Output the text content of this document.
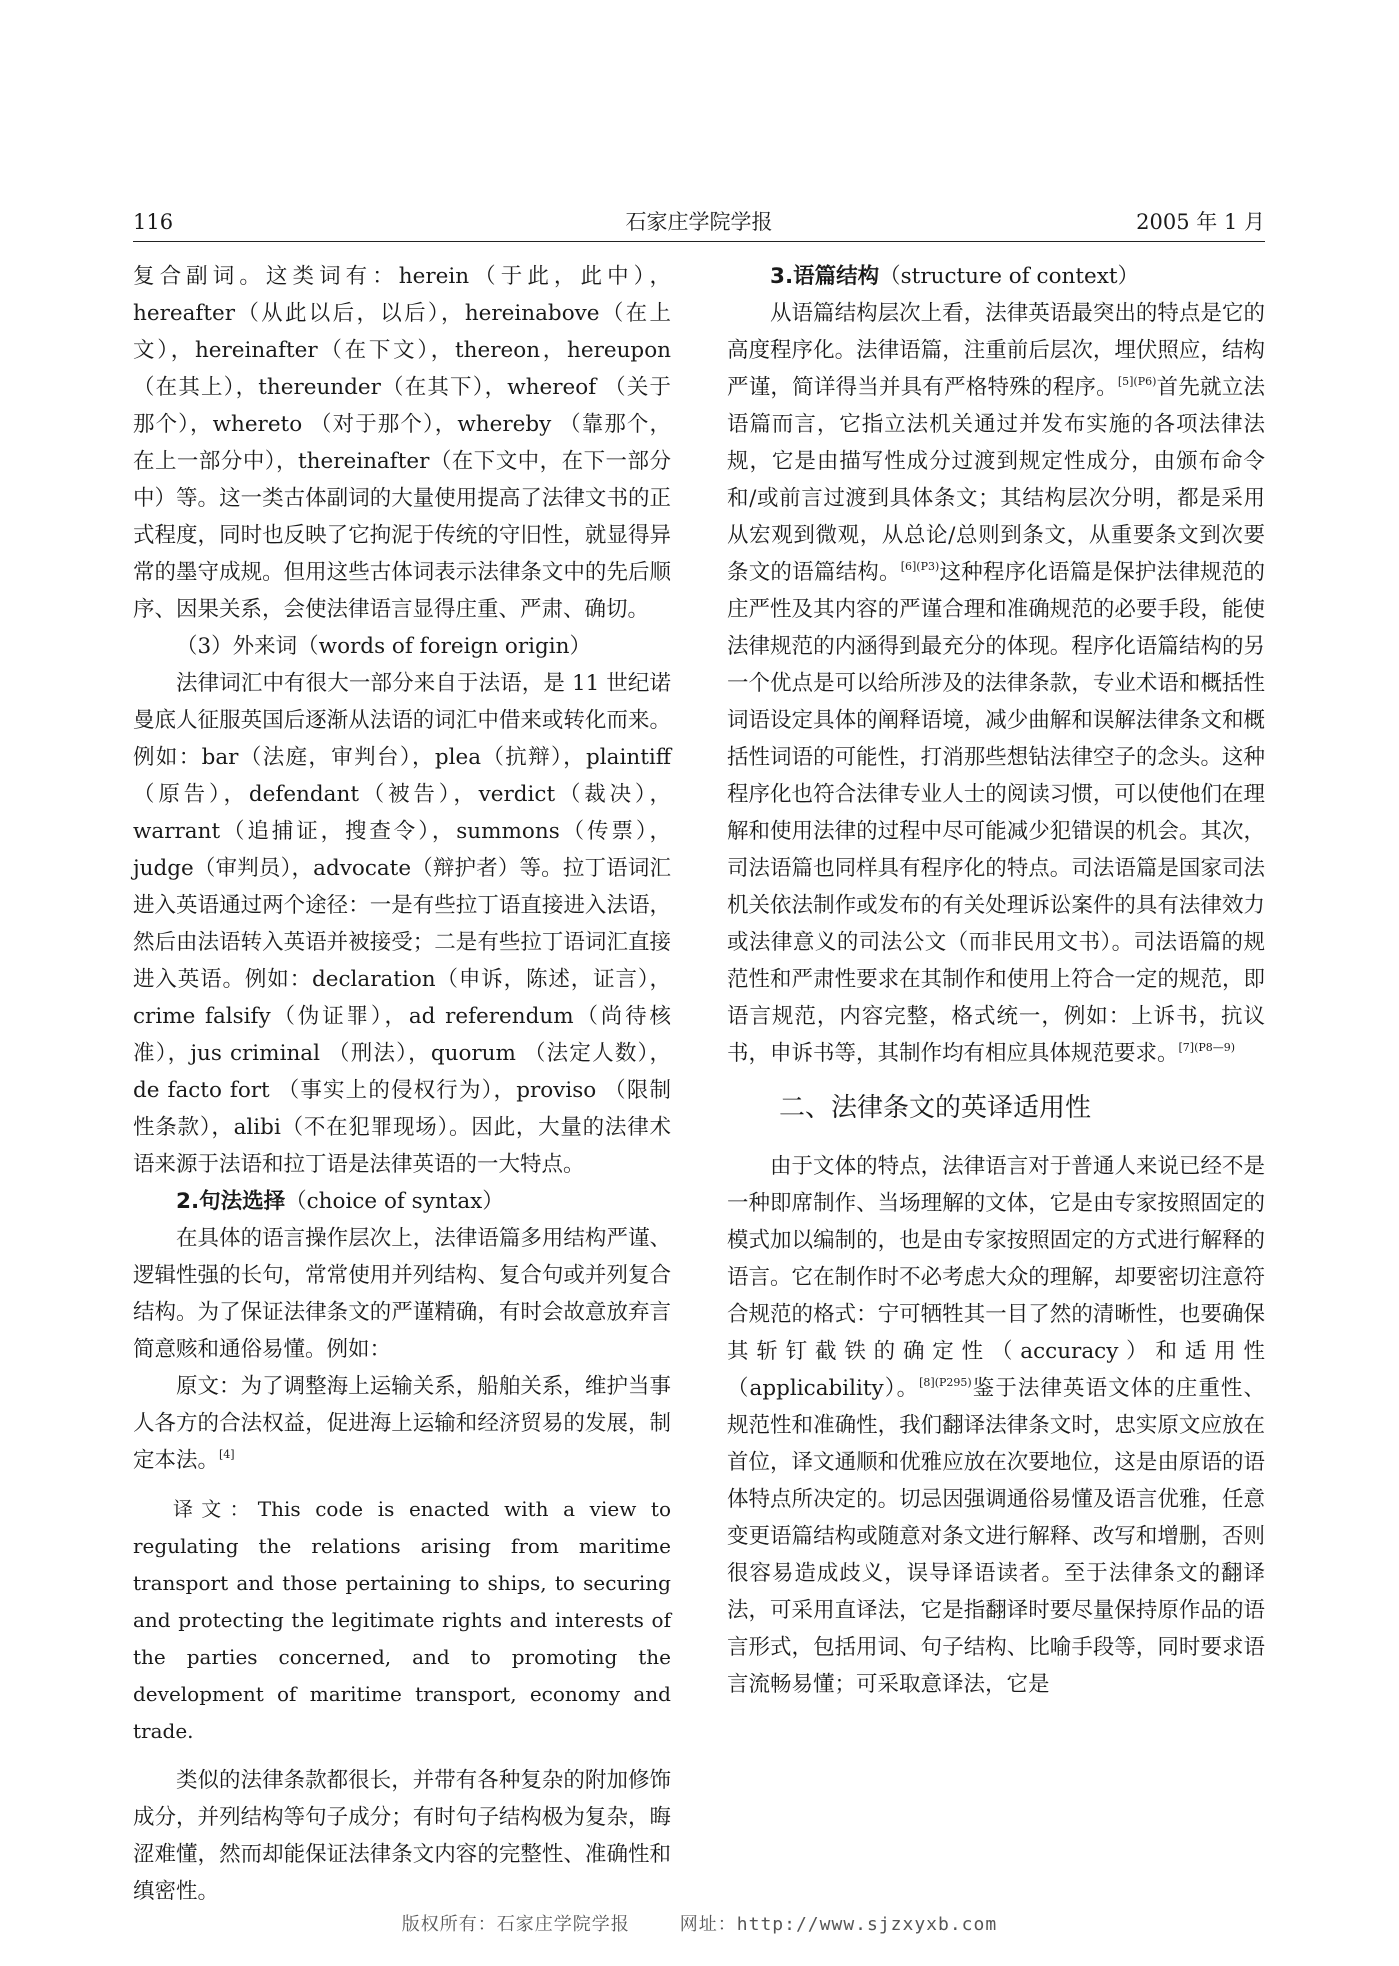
116	石家庄学院学报	2005 年 1 月

复合副词。这类词有：herein（于此，此中），hereafter（从此以后，以后），hereinabove（在上文），hereinafter（在下文），thereon，hereupon（在其上），thereunder（在其下），whereof （关于那个），whereto （对于那个），whereby （靠那个，在上一部分中），thereinafter（在下文中，在下一部分中）等。这一类古体副词的大量使用提高了法律文书的正式程度，同时也反映了它拘泥于传统的守旧性，就显得异常的墨守成规。但用这些古体词表示法律条文中的先后顺序、因果关系，会使法律语言显得庄重、严肃、确切。

（3）外来词（words of foreign origin）

法律词汇中有很大一部分来自于法语，是 11 世纪诺曼底人征服英国后逐渐从法语的词汇中借来或转化而来。例如：bar（法庭，审判台），plea（抗辩），plaintiff（原告），defendant（被告），verdict（裁决），warrant（追捕证，搜查令），summons（传票），judge（审判员），advocate（辩护者）等。拉丁语词汇进入英语通过两个途径：一是有些拉丁语直接进入法语，然后由法语转入英语并被接受；二是有些拉丁语词汇直接进入英语。例如：declaration（申诉，陈述，证言），crime falsify（伪证罪），ad referendum（尚待核准），jus criminal （刑法），quorum （法定人数），de facto fort （事实上的侵权行为），proviso （限制性条款），alibi（不在犯罪现场）。因此，大量的法律术语来源于法语和拉丁语是法律英语的一大特点。

2.句法选择（choice of syntax）

在具体的语言操作层次上，法律语篇多用结构严谨、逻辑性强的长句，常常使用并列结构、复合句或并列复合结构。为了保证法律条文的严谨精确，有时会故意放弃言简意赅和通俗易懂。例如：

原文：为了调整海上运输关系，船舶关系，维护当事人各方的合法权益，促进海上运输和经济贸易的发展，制定本法。[4]

译文：This code is enacted with a view to regulating the relations arising from maritime transport and those pertaining to ships, to securing and protecting the legitimate rights and interests of the parties concerned, and to promoting the development of maritime transport, economy and trade.

类似的法律条款都很长，并带有各种复杂的附加修饰成分，并列结构等句子成分；有时句子结构极为复杂，晦涩难懂，然而却能保证法律条文内容的完整性、准确性和缜密性。

3.语篇结构（structure of context）

从语篇结构层次上看，法律英语最突出的特点是它的高度程序化。法律语篇，注重前后层次，埋伏照应，结构严谨，简详得当并具有严格特殊的程序。$^{[5](P6)}$首先就立法语篇而言，它指立法机关通过并发布实施的各项法律法规，它是由描写性成分过渡到规定性成分，由颁布命令和/或前言过渡到具体条文；其结构层次分明，都是采用从宏观到微观，从总论/总则到条文，从重要条文到次要条文的语篇结构。$^{[6](P3)}$这种程序化语篇是保护法律规范的庄严性及其内容的严谨合理和准确规范的必要手段，能使法律规范的内涵得到最充分的体现。程序化语篇结构的另一个优点是可以给所涉及的法律条款，专业术语和概括性词语设定具体的阐释语境，减少曲解和误解法律条文和概括性词语的可能性，打消那些想钻法律空子的念头。这种程序化也符合法律专业人士的阅读习惯，可以使他们在理解和使用法律的过程中尽可能减少犯错误的机会。其次，司法语篇也同样具有程序化的特点。司法语篇是国家司法机关依法制作或发布的有关处理诉讼案件的具有法律效力或法律意义的司法公文（而非民用文书）。司法语篇的规范性和严肃性要求在其制作和使用上符合一定的规范，即语言规范，内容完整，格式统一，例如：上诉书，抗议书，申诉书等，其制作均有相应具体规范要求。$^{[7](P8—9)}$

二、法律条文的英译适用性

由于文体的特点，法律语言对于普通人来说已经不是一种即席制作、当场理解的文体，它是由专家按照固定的模式加以编制的，也是由专家按照固定的方式进行解释的语言。它在制作时不必考虑大众的理解，却要密切注意符合规范的格式：宁可牺牲其一目了然的清晰性，也要确保其斩钉截铁的确定性（accuracy）和适用性（applicability）。$^{[8](P295)}$鉴于法律英语文体的庄重性、规范性和准确性，我们翻译法律条文时，忠实原文应放在首位，译文通顺和优雅应放在次要地位，这是由原语的语体特点所决定的。切忌因强调通俗易懂及语言优雅，任意变更语篇结构或随意对条文进行解释、改写和增删，否则很容易造成歧义，误导译语读者。至于法律条文的翻译法，可采用直译法，它是指翻译时要尽量保持原作品的语言形式，包括用词、句子结构、比喻手段等，同时要求语言流畅易懂；可采取意译法，它是

版权所有：石家庄学院学报	网址：http://www.sjzxyxb.com
